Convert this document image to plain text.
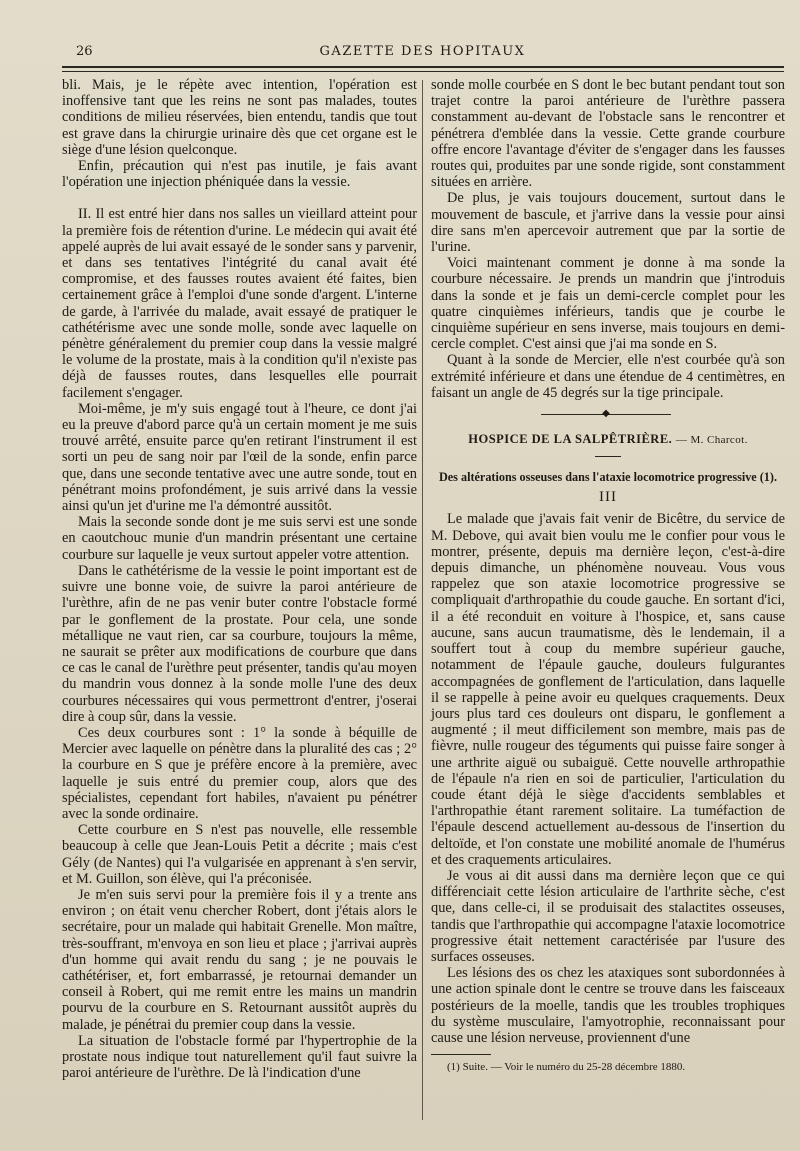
26	GAZETTE DES HOPITAUX

bli. Mais, je le répète avec intention, l'opération est inoffensive tant que les reins ne sont pas malades, toutes conditions de milieu réservées, bien entendu, tandis que tout est grave dans la chirurgie urinaire dès que cet organe est le siège d'une lésion quelconque.

Enfin, précaution qui n'est pas inutile, je fais avant l'opération une injection phéniquée dans la vessie.

II. Il est entré hier dans nos salles un vieillard atteint pour la première fois de rétention d'urine. Le médecin qui avait été appelé auprès de lui avait essayé de le sonder sans y parvenir, et dans ses tentatives l'intégrité du canal avait été compromise, et des fausses routes avaient été faites, bien certainement grâce à l'emploi d'une sonde d'argent. L'interne de garde, à l'arrivée du malade, avait essayé de pratiquer le cathétérisme avec une sonde molle, sonde avec laquelle on pénètre généralement du premier coup dans la vessie malgré le volume de la prostate, mais à la condition qu'il n'existe pas déjà de fausses routes, dans lesquelles elle pourrait facilement s'engager.

Moi-même, je m'y suis engagé tout à l'heure, ce dont j'ai eu la preuve d'abord parce qu'à un certain moment je me suis trouvé arrêté, ensuite parce qu'en retirant l'instrument il est sorti un peu de sang noir par l'œil de la sonde, enfin parce que, dans une seconde tentative avec une autre sonde, tout en pénétrant moins profondément, je suis arrivé dans la vessie ainsi qu'un jet d'urine me l'a démontré aussitôt.

Mais la seconde sonde dont je me suis servi est une sonde en caoutchouc munie d'un mandrin présentant une certaine courbure sur laquelle je veux surtout appeler votre attention.

Dans le cathétérisme de la vessie le point important est de suivre une bonne voie, de suivre la paroi antérieure de l'urèthre, afin de ne pas venir buter contre l'obstacle formé par le gonflement de la prostate. Pour cela, une sonde métallique ne vaut rien, car sa courbure, toujours la même, ne saurait se prêter aux modifications de courbure que dans ce cas le canal de l'urèthre peut présenter, tandis qu'au moyen du mandrin vous donnez à la sonde molle l'une des deux courbures nécessaires qui vous permettront d'entrer, j'oserai dire à coup sûr, dans la vessie.

Ces deux courbures sont : 1° la sonde à béquille de Mercier avec laquelle on pénètre dans la pluralité des cas ; 2° la courbure en S que je préfère encore à la première, avec laquelle je suis entré du premier coup, alors que des spécialistes, cependant fort habiles, n'avaient pu pénétrer avec la sonde ordinaire.

Cette courbure en S n'est pas nouvelle, elle ressemble beaucoup à celle que Jean-Louis Petit a décrite ; mais c'est Gély (de Nantes) qui l'a vulgarisée en apprenant à s'en servir, et M. Guillon, son élève, qui l'a préconisée.

Je m'en suis servi pour la première fois il y a trente ans environ ; on était venu chercher Robert, dont j'étais alors le secrétaire, pour un malade qui habitait Grenelle. Mon maître, très-souffrant, m'envoya en son lieu et place ; j'arrivai auprès d'un homme qui avait rendu du sang ; je ne pouvais le cathétériser, et, fort embarrassé, je retournai demander un conseil à Robert, qui me remit entre les mains un mandrin pourvu de la courbure en S. Retournant aussitôt auprès du malade, je pénétrai du premier coup dans la vessie.

La situation de l'obstacle formé par l'hypertrophie de la prostate nous indique tout naturellement qu'il faut suivre la paroi antérieure de l'urèthre. De là l'indication d'une

sonde molle courbée en S dont le bec butant pendant tout son trajet contre la paroi antérieure de l'urèthre passera constamment au-devant de l'obstacle sans le rencontrer et pénétrera d'emblée dans la vessie. Cette grande courbure offre encore l'avantage d'éviter de s'engager dans les fausses routes qui, produites par une sonde rigide, sont constamment situées en arrière.

De plus, je vais toujours doucement, surtout dans le mouvement de bascule, et j'arrive dans la vessie pour ainsi dire sans m'en apercevoir autrement que par la sortie de l'urine.

Voici maintenant comment je donne à ma sonde la courbure nécessaire. Je prends un mandrin que j'introduis dans la sonde et je fais un demi-cercle complet pour les quatre cinquièmes inférieurs, tandis que je courbe le cinquième supérieur en sens inverse, mais toujours en demi-cercle complet. C'est ainsi que j'ai ma sonde en S.

Quant à la sonde de Mercier, elle n'est courbée qu'à son extrémité inférieure et dans une étendue de 4 centimètres, en faisant un angle de 45 degrés sur la tige principale.

◆
HOSPICE DE LA SALPÊTRIÈRE. — M. Charcot.
Des altérations osseuses dans l'ataxie locomotrice progressive (1).
III

Le malade que j'avais fait venir de Bicêtre, du service de M. Debove, qui avait bien voulu me le confier pour vous le montrer, présente, depuis ma dernière leçon, c'est-à-dire depuis dimanche, un phénomène nouveau. Vous vous rappelez que son ataxie locomotrice progressive se compliquait d'arthropathie du coude gauche. En sortant d'ici, il a été reconduit en voiture à l'hospice, et, sans cause aucune, sans aucun traumatisme, dès le lendemain, il a souffert tout à coup du membre supérieur gauche, notamment de l'épaule gauche, douleurs fulgurantes accompagnées de gonflement de l'articulation, dans laquelle il se rappelle à peine avoir eu quelques craquements. Deux jours plus tard ces douleurs ont disparu, le gonflement a augmenté ; il meut difficilement son membre, mais pas de fièvre, nulle rougeur des téguments qui puisse faire songer à une arthrite aiguë ou subaiguë. Cette nouvelle arthropathie de l'épaule n'a rien en soi de particulier, l'articulation du coude étant déjà le siège d'accidents semblables et l'arthropathie étant rarement solitaire. La tuméfaction de l'épaule descend actuellement au-dessous de l'insertion du deltoïde, et l'on constate une mobilité anomale de l'humérus et des craquements articulaires.

Je vous ai dit aussi dans ma dernière leçon que ce qui différenciait cette lésion articulaire de l'arthrite sèche, c'est que, dans celle-ci, il se produisait des stalactites osseuses, tandis que l'arthropathie qui accompagne l'ataxie locomotrice progressive était nettement caractérisée par l'usure des surfaces osseuses.

Les lésions des os chez les ataxiques sont subordonnées à une action spinale dont le centre se trouve dans les faisceaux postérieurs de la moelle, tandis que les troubles trophiques du système musculaire, l'amyotrophie, reconnaissant pour cause une lésion nerveuse, proviennent d'une

(1) Suite. — Voir le numéro du 25-28 décembre 1880.
